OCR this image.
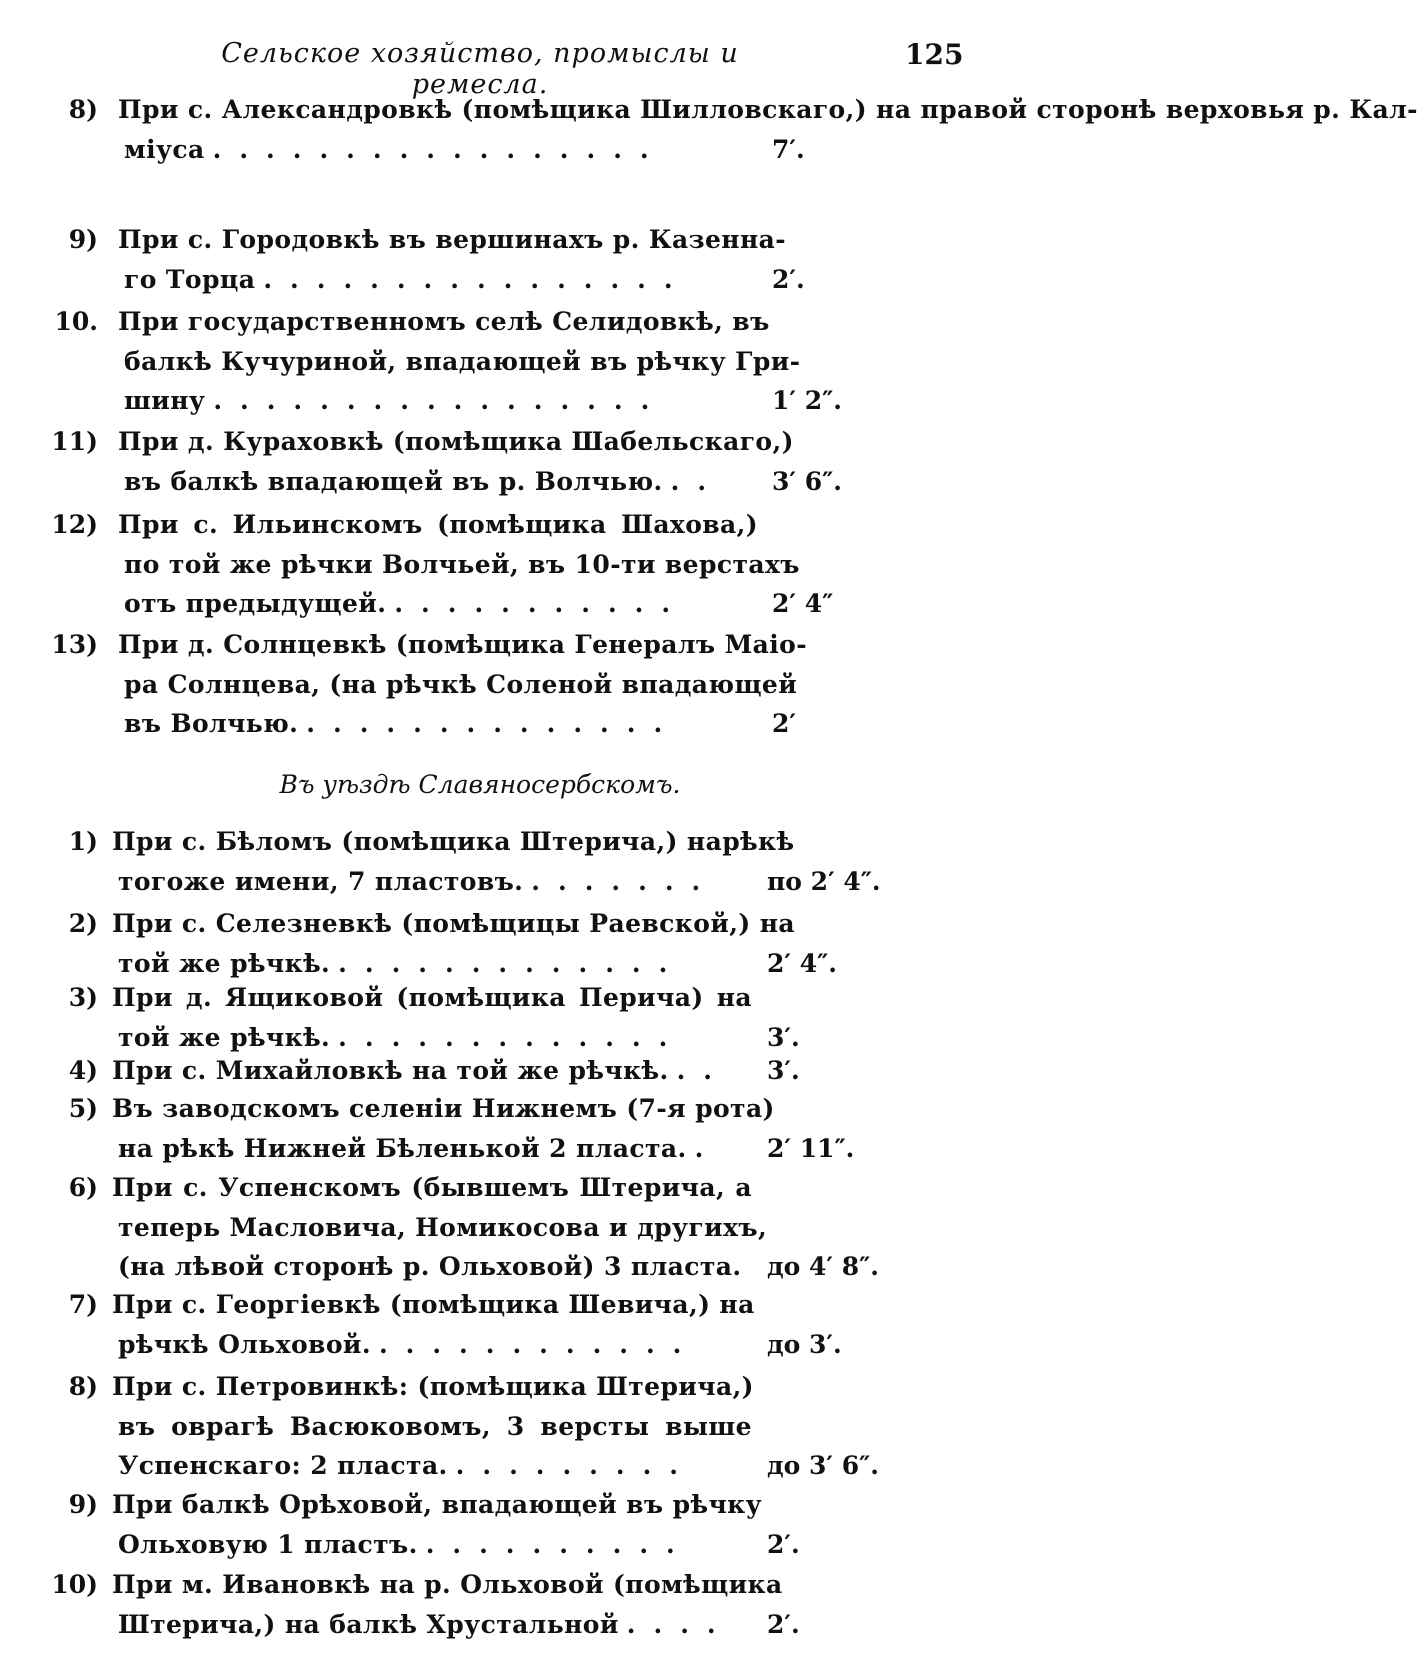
Сельское хозяйство, промыслы и ремесла.
125
8) При с. Александровкѣ (помѣщика Шилловскаго,) на правой сторонѣ верховья р. Кал-
міуса	7′.
.................
9) При с. Городовкѣ въ вершинахъ р. Казенна-
го Торца	2′.
................
10. При государственномъ селѣ Селидовкѣ, въ
балкѣ Кучуриной, впадающей въ рѣчку Гри-
шину	1′ 2″.
.................
11) При д. Кураховкѣ (помѣщика Шабельскаго,)
въ балкѣ впадающей въ р. Волчью.	3′ 6″.
..
12) При с. Ильинскомъ (помѣщика Шахова,)
по той же рѣчки Волчьей, въ 10-ти верстахъ
отъ предыдущей.	2′ 4″
...........
13) При д. Солнцевкѣ (помѣщика Генералъ Маіо-
ра Солнцева, (на рѣчкѣ Соленой впадающей
въ Волчью.	2′
..............
Въ уѣздѣ Славяносербскомъ.
1) При с. Бѣломъ (помѣщика Штерича,) нарѣкѣ
тогоже имени, 7 пластовъ.	по 2′ 4″.
.......
2) При с. Селезневкѣ (помѣщицы Раевской,) на
той же рѣчкѣ.	2′ 4″.
.............
3) При д. Ящиковой (помѣщика Перича) на
той же рѣчкѣ.	3′.
.............
4) При с. Михайловкѣ на той же рѣчкѣ.	3′.
..
5) Въ заводскомъ селеніи Нижнемъ (7-я рота)
на рѣкѣ Нижней Бѣленькой 2 пласта.	2′ 11″.
.
6) При с. Успенскомъ (бывшемъ Штерича, а
теперь Масловича, Номикосова и другихъ,
(на лѣвой сторонѣ р. Ольховой) 3 пласта. до 4′ 8″.
7) При с. Георгіевкѣ (помѣщика Шевича,) на
рѣчкѣ Ольховой.	до 3′.
............
8) При с. Петровинкѣ: (помѣщика Штерича,)
въ оврагѣ Васюковомъ, 3 версты выше
Успенскаго: 2 пласта.	до 3′ 6″.
.........
9) При балкѣ Орѣховой, впадающей въ рѣчку
Ольховую 1 пластъ.	2′.
..........
10) При м. Ивановкѣ на р. Ольховой (помѣщика
Штерича,) на балкѣ Хрустальной	2′.
....
